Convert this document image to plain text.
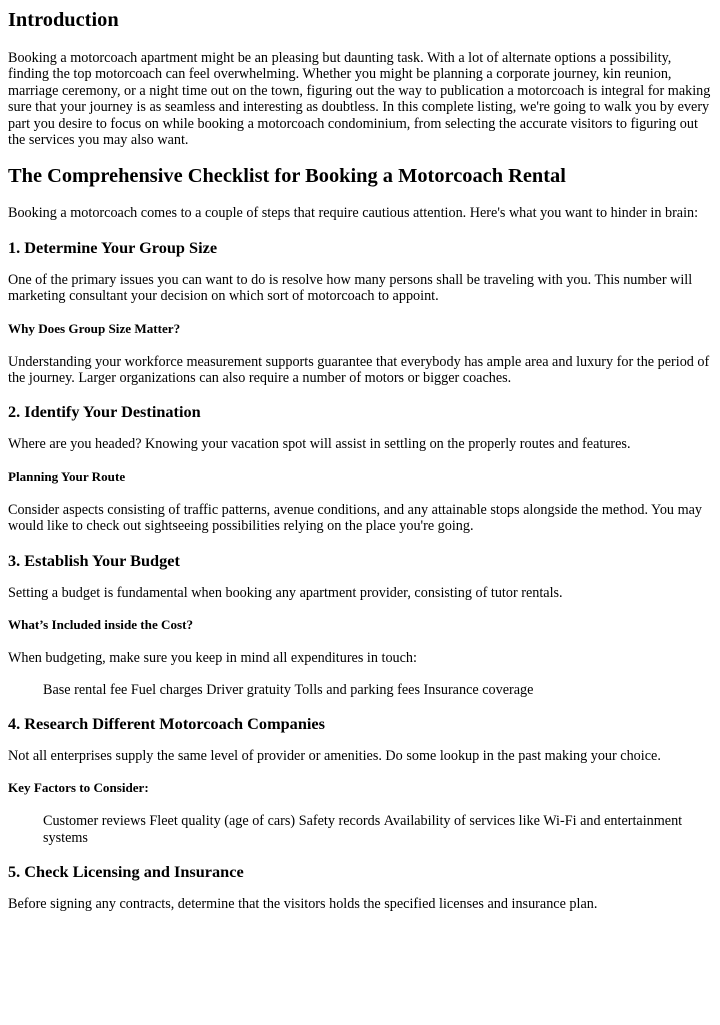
Introduction

Booking a motorcoach apartment might be an pleasing but daunting task. With a lot of alternate options a possibility, finding the top motorcoach can feel overwhelming. Whether you might be planning a corporate journey, kin reunion, marriage ceremony, or a night time out on the town, figuring out the way to publication a motorcoach is integral for making sure that your journey is as seamless and interesting as doubtless. In this complete listing, we're going to walk you by every part you desire to focus on while booking a motorcoach condominium, from selecting the accurate visitors to figuring out the services you may also want.

The Comprehensive Checklist for Booking a Motorcoach Rental

Booking a motorcoach comes to a couple of steps that require cautious attention. Here's what you want to hinder in brain:

1. Determine Your Group Size

One of the primary issues you can want to do is resolve how many persons shall be traveling with you. This number will marketing consultant your decision on which sort of motorcoach to appoint.

Why Does Group Size Matter?

Understanding your workforce measurement supports guarantee that everybody has ample area and luxury for the period of the journey. Larger organizations can also require a number of motors or bigger coaches.

2. Identify Your Destination

Where are you headed? Knowing your vacation spot will assist in settling on the properly routes and features.

Planning Your Route

Consider aspects consisting of traffic patterns, avenue conditions, and any attainable stops alongside the method. You may would like to check out sightseeing possibilities relying on the place you're going.

3. Establish Your Budget

Setting a budget is fundamental when booking any apartment provider, consisting of tutor rentals.

What’s Included inside the Cost?

When budgeting, make sure you keep in mind all expenditures in touch:

Base rental fee Fuel charges Driver gratuity Tolls and parking fees Insurance coverage
4. Research Different Motorcoach Companies

Not all enterprises supply the same level of provider or amenities. Do some lookup in the past making your choice.

Key Factors to Consider:
Customer reviews Fleet quality (age of cars) Safety records Availability of services like Wi-Fi and entertainment systems
5. Check Licensing and Insurance

Before signing any contracts, determine that the visitors holds the specified licenses and insurance plan.
